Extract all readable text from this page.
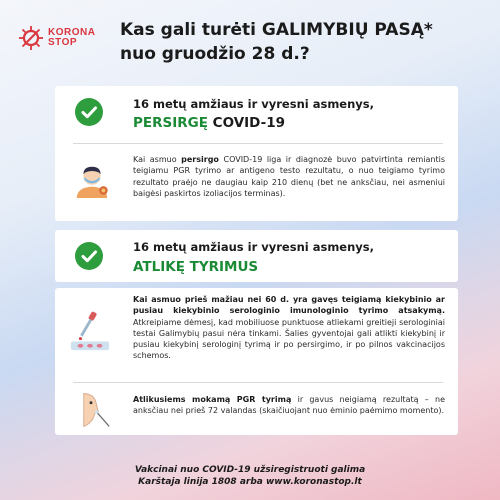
KORONA
STOP
Kas gali turėti GALIMYBIŲ PASĄ*
nuo gruodžio 28 d.?
16 metų amžiaus ir vyresni asmenys,
PERSIRGĘ COVID-19
Kai asmuo persirgo COVID-19 liga ir diagnozė buvo patvirtinta remiantis teigiamu PGR tyrimo ar antigeno testo rezultatu, o nuo teigiamo tyrimo rezultato praėjo ne daugiau kaip 210 dienų (bet ne anksčiau, nei asmeniui baigėsi paskirtos izoliacijos terminas).
16 metų amžiaus ir vyresni asmenys,
ATLIKĘ TYRIMUS
Kai asmuo prieš mažiau nei 60 d. yra gavęs teigiamą kiekybinio ar pusiau kiekybinio serologinio imunologinio tyrimo atsakymą. Atkreipiame dėmesį, kad mobiliuose punktuose atliekami greitieji serologiniai testai Galimybių pasui nėra tinkami. Šalies gyventojai gali atlikti kiekybinį ir pusiau kiekybinį serologinį tyrimą ir po persirgimo, ir po pilnos vakcinacijos schemos.
Atlikusiems mokamą PGR tyrimą ir gavus neigiamą rezultatą – ne anksčiau nei prieš 72 valandas (skaičiuojant nuo ėminio paėmimo momento).
Vakcinai nuo COVID-19 užsiregistruoti galima
Karštaja linija 1808 arba www.koronastop.lt
